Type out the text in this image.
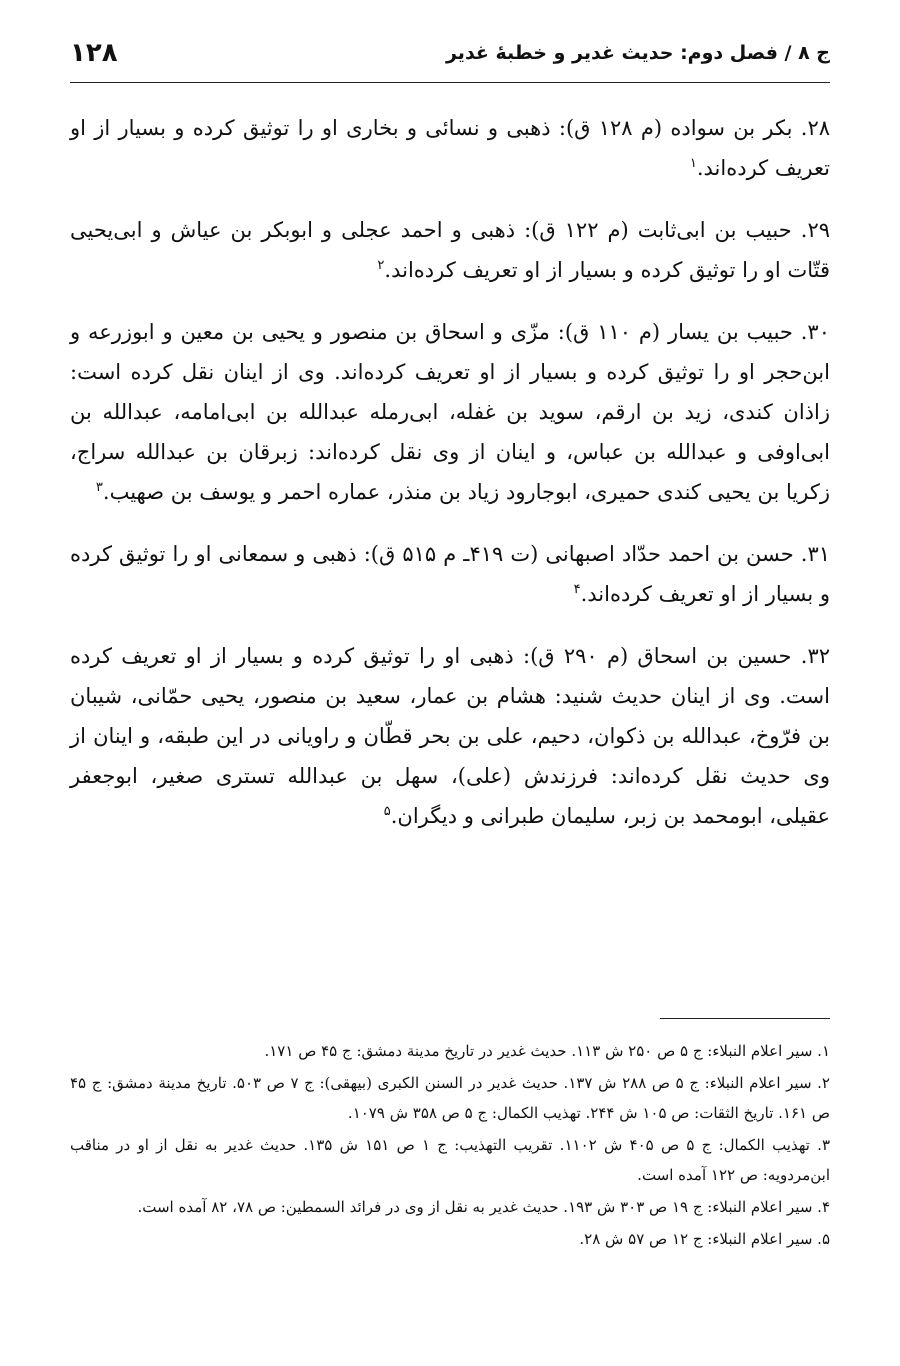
ج ۸ / فصل دوم: حدیث غدیر و خطبهٔ غدیر
۱۲۸

۲۸. بکر بن سواده (م ۱۲۸ ق): ذهبی و نسائی و بخاری او را توثیق کرده و بسیار از او تعریف کرده‌اند.$^۱$

۲۹. حبیب بن ابی‌ثابت (م ۱۲۲ ق): ذهبی و احمد عجلی و ابوبکر بن عیاش و ابی‌یحیی قتّات او را توثیق کرده و بسیار از او تعریف کرده‌اند.$^۲$

۳۰. حبیب بن یسار (م ۱۱۰ ق): مزّی و اسحاق بن منصور و یحیی بن معین و ابوزرعه و ابن‌حجر او را توثیق کرده و بسیار از او تعریف کرده‌اند. وی از اینان نقل کرده است: زاذان کندی، زید بن ارقم، سوید بن غفله، ابی‌رمله عبدالله بن ابی‌امامه، عبدالله بن ابی‌اوفی و عبدالله بن عباس، و اینان از وی نقل کرده‌اند: زبرقان بن عبدالله سراج، زکریا بن یحیی کندی حمیری، ابوجارود زیاد بن منذر، عماره احمر و یوسف بن صهیب.$^۳$

۳۱. حسن بن احمد حدّاد اصبهانی (ت ۴۱۹ـ م ۵۱۵ ق): ذهبی و سمعانی او را توثیق کرده و بسیار از او تعریف کرده‌اند.$^۴$

۳۲. حسین بن اسحاق (م ۲۹۰ ق): ذهبی او را توثیق کرده و بسیار از او تعریف کرده است. وی از اینان حدیث شنید: هشام بن عمار، سعید بن منصور، یحیی حمّانی، شیبان بن فرّوخ، عبدالله بن ذکوان، دحیم، علی بن بحر قطّان و راویانی در این طبقه، و اینان از وی حدیث نقل کرده‌اند: فرزندش (علی)، سهل بن عبدالله تستری صغیر، ابوجعفر عقیلی، ابومحمد بن زبر، سلیمان طبرانی و دیگران.$^۵$

۱. سیر اعلام النبلاء: ج ۵ ص ۲۵۰ ش ۱۱۳. حدیث غدیر در تاریخ مدینة دمشق: ج ۴۵ ص ۱۷۱.
۲. سیر اعلام النبلاء: ج ۵ ص ۲۸۸ ش ۱۳۷. حدیث غدیر در السنن الکبری (بیهقی): ج ۷ ص ۵۰۳. تاریخ مدینة دمشق: ج ۴۵ ص ۱۶۱. تاریخ الثقات: ص ۱۰۵ ش ۲۴۴. تهذیب الکمال: ج ۵ ص ۳۵۸ ش ۱۰۷۹.
۳. تهذیب الکمال: ج ۵ ص ۴۰۵ ش ۱۱۰۲. تقریب التهذیب: ج ۱ ص ۱۵۱ ش ۱۳۵. حدیث غدیر به نقل از او در مناقب ابن‌مردویه: ص ۱۲۲ آمده است.
۴. سیر اعلام النبلاء: ج ۱۹ ص ۳۰۳ ش ۱۹۳. حدیث غدیر به نقل از وی در فرائد السمطین: ص ۷۸، ۸۲ آمده است.
۵. سیر اعلام النبلاء: ج ۱۲ ص ۵۷ ش ۲۸.
